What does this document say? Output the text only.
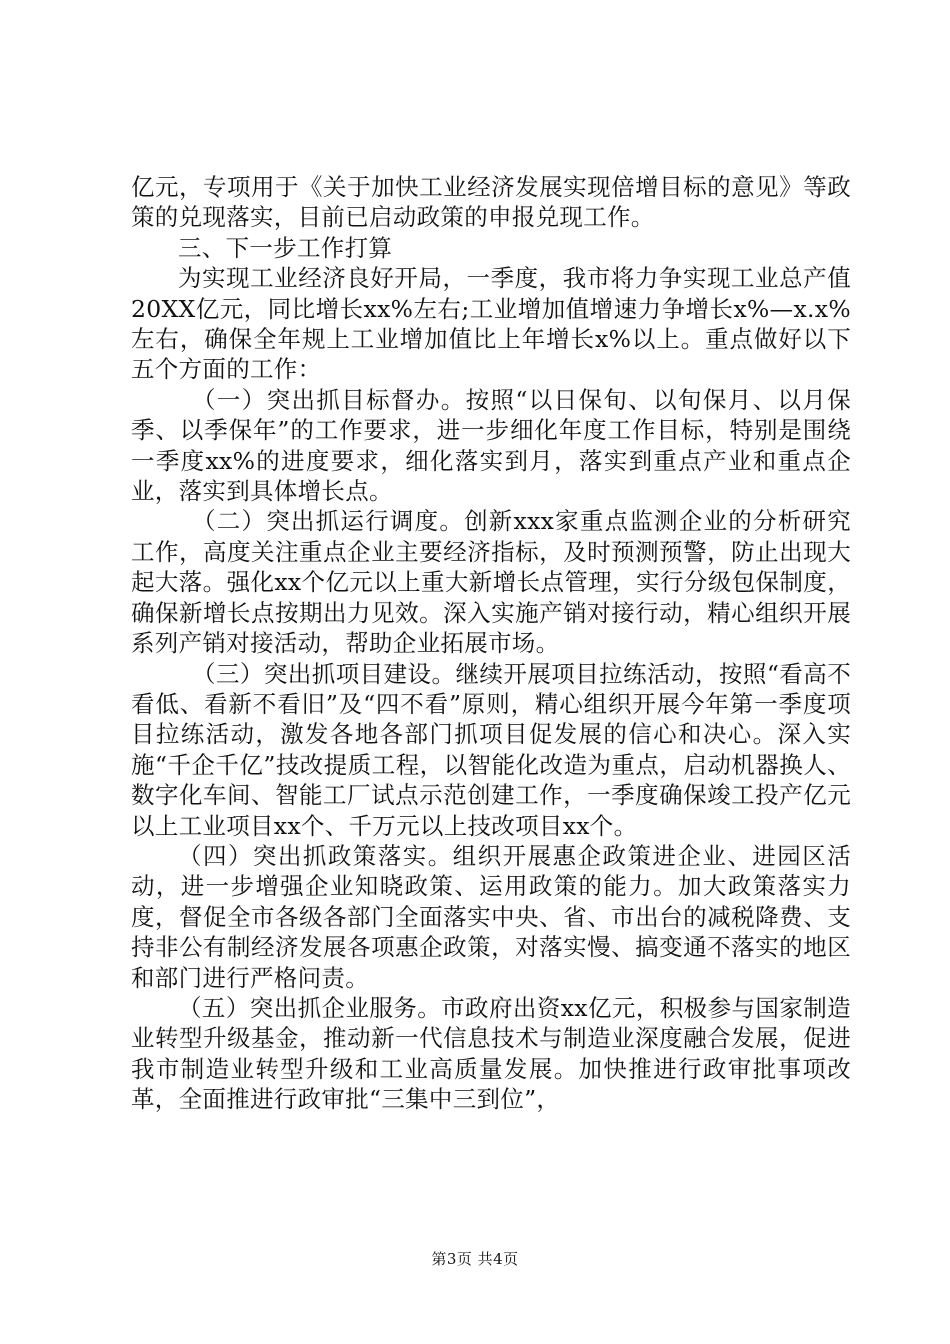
亿元，专项用于《关于加快工业经济发展实现倍增目标的意见》等政策的兑现落实，目前已启动政策的申报兑现工作。

三、下一步工作打算

为实现工业经济良好开局，一季度，我市将力争实现工业总产值20XX亿元，同比增长xx%左右;工业增加值增速力争增长x%—x.x%左右，确保全年规上工业增加值比上年增长x%以上。重点做好以下五个方面的工作：

（一）突出抓目标督办。按照“以日保旬、以旬保月、以月保季、以季保年”的工作要求，进一步细化年度工作目标，特别是围绕一季度xx%的进度要求，细化落实到月，落实到重点产业和重点企业，落实到具体增长点。

（二）突出抓运行调度。创新xxx家重点监测企业的分析研究工作，高度关注重点企业主要经济指标，及时预测预警，防止出现大起大落。强化xx个亿元以上重大新增长点管理，实行分级包保制度，确保新增长点按期出力见效。深入实施产销对接行动，精心组织开展系列产销对接活动，帮助企业拓展市场。

（三）突出抓项目建设。继续开展项目拉练活动，按照“看高不看低、看新不看旧”及“四不看”原则，精心组织开展今年第一季度项目拉练活动，激发各地各部门抓项目促发展的信心和决心。深入实施“千企千亿”技改提质工程，以智能化改造为重点，启动机器换人、数字化车间、智能工厂试点示范创建工作，一季度确保竣工投产亿元以上工业项目xx个、千万元以上技改项目xx个。

（四）突出抓政策落实。组织开展惠企政策进企业、进园区活动，进一步增强企业知晓政策、运用政策的能力。加大政策落实力度，督促全市各级各部门全面落实中央、省、市出台的减税降费、支持非公有制经济发展各项惠企政策，对落实慢、搞变通不落实的地区和部门进行严格问责。

（五）突出抓企业服务。市政府出资xx亿元，积极参与国家制造业转型升级基金，推动新一代信息技术与制造业深度融合发展，促进我市制造业转型升级和工业高质量发展。加快推进行政审批事项改革，全面推进行政审批“三集中三到位”，

第3页 共4页
